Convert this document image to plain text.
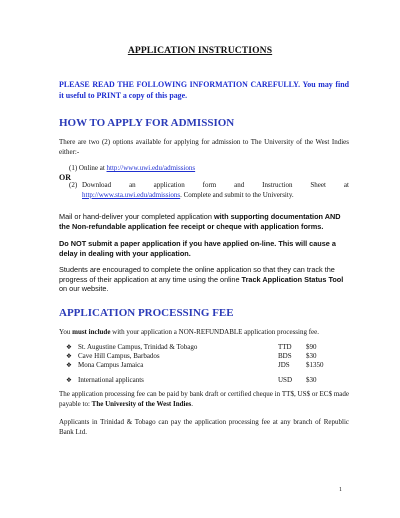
APPLICATION INSTRUCTIONS
PLEASE READ THE FOLLOWING INFORMATION CAREFULLY. You may find it useful to PRINT a copy of this page.
HOW TO APPLY FOR ADMISSION
There are two (2) options available for applying for admission to The University of the West Indies either:-
(1) Online at http://www.uwi.edu/admissions
OR
(2) Download	an	application	form	and	Instruction	Sheet	at
http://www.sta.uwi.edu/admissions. Complete and submit to the University.
Mail or hand-deliver your completed application with supporting documentation AND the Non-refundable application fee receipt or cheque with application forms.
Do NOT submit a paper application if you have applied on-line. This will cause a delay in dealing with your application.
Students are encouraged to complete the online application so that they can track the progress of their application at any time using the online Track Application Status Tool on our website.
APPLICATION PROCESSING FEE
You must include with your application a NON-REFUNDABLE application processing fee.
❖ St. Augustine Campus, Trinidad & Tobago	TTD $90
❖ Cave Hill Campus, Barbados	BDS $30
❖ Mona Campus Jamaica	JDS $1350
❖ International applicants	USD $30
The application processing fee can be paid by bank draft or certified cheque in TT$, US$ or EC$ made payable to: The University of the West Indies.
Applicants in Trinidad & Tobago can pay the application processing fee at any branch of Republic Bank Ltd.
1
